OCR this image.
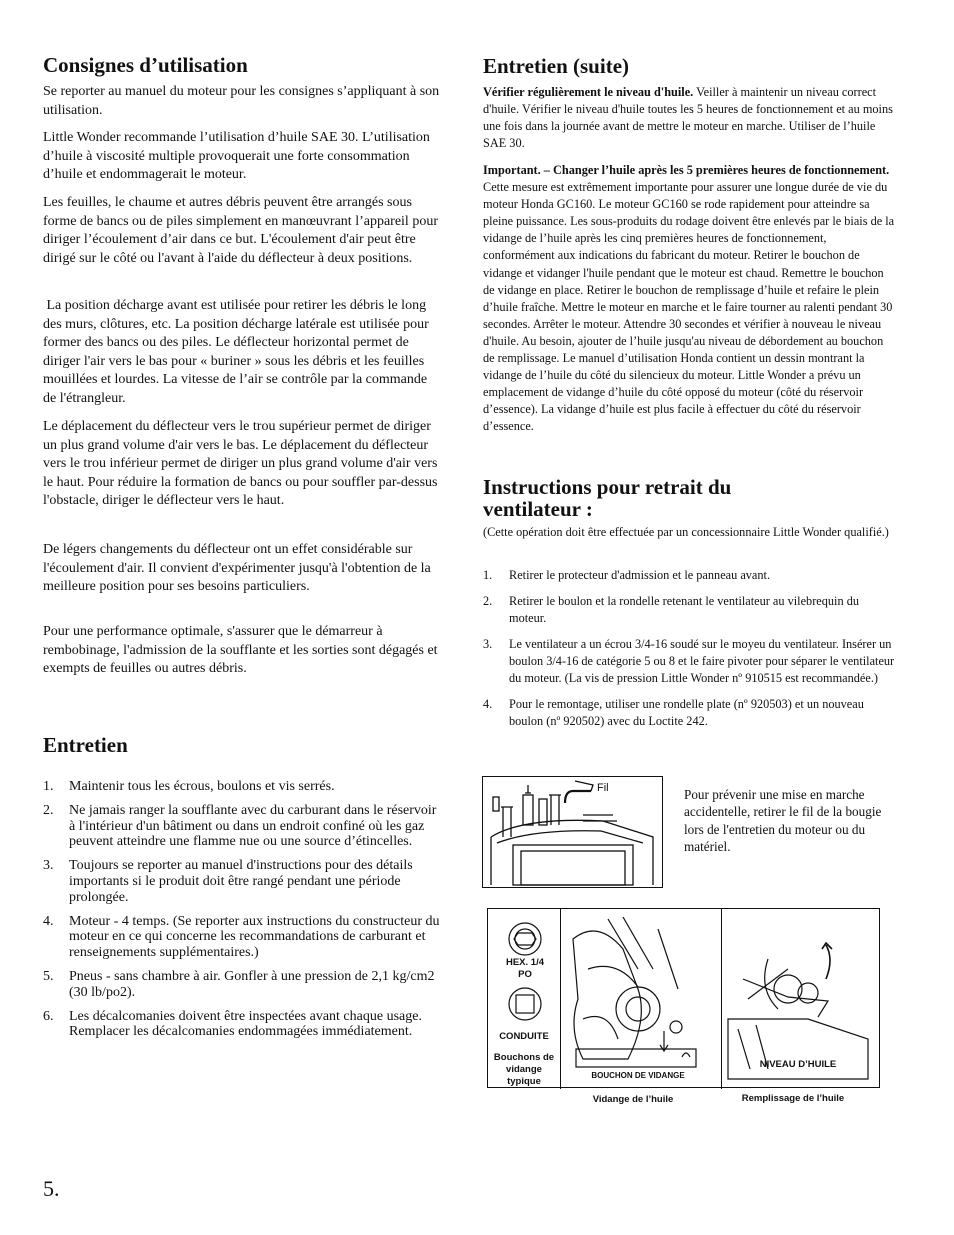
Consignes d’utilisation

Se reporter au manuel du moteur pour les consignes s’appliquant à son utilisation.

Little Wonder recommande l’utilisation d’huile SAE 30. L’utilisation d’huile à viscosité multiple provoquerait une forte consommation d’huile et endommagerait le moteur.

Les feuilles, le chaume et autres débris peuvent être arrangés sous forme de bancs ou de piles simplement en manœuvrant l’appareil pour diriger l’écoulement d’air dans ce but. L'écoulement d'air peut être dirigé sur le côté ou l'avant à l'aide du déflecteur à deux positions.

La position décharge avant est utilisée pour retirer les débris le long des murs, clôtures, etc. La position décharge latérale est utilisée pour former des bancs ou des piles. Le déflecteur horizontal permet de diriger l'air vers le bas pour « buriner » sous les débris et les feuilles mouillées et lourdes. La vitesse de l’air se contrôle par la commande de l'étrangleur.

Le déplacement du déflecteur vers le trou supérieur permet de diriger un plus grand volume d'air vers le bas. Le déplacement du déflecteur vers le trou inférieur permet de diriger un plus grand volume d'air vers le haut. Pour réduire la formation de bancs ou pour souffler par-dessus l'obstacle, diriger le déflecteur vers le haut.

De légers changements du déflecteur ont un effet considérable sur l'écoulement d'air. Il convient d'expérimenter jusqu'à l'obtention de la meilleure position pour ses besoins particuliers.

Pour une performance optimale, s'assurer que le démarreur à rembobinage, l'admission de la soufflante et les sorties sont dégagés et exempts de feuilles ou autres débris.

Entretien
1. Maintenir tous les écrous, boulons et vis serrés.
2. Ne jamais ranger la soufflante avec du carburant dans le réservoir à l'intérieur d'un bâtiment ou dans un endroit confiné où les gaz peuvent atteindre une flamme nue ou une source d’étincelles.
3. Toujours se reporter au manuel d'instructions pour des détails importants si le produit doit être rangé pendant une période prolongée.
4. Moteur - 4 temps. (Se reporter aux instructions du constructeur du moteur en ce qui concerne les recommandations de carburant et renseignements supplémentaires.)
5. Pneus - sans chambre à air. Gonfler à une pression de 2,1 kg/cm2 (30 lb/po2).
6. Les décalcomanies doivent être inspectées avant chaque usage. Remplacer les décalcomanies endommagées immédiatement.
5.
Entretien (suite)

Vérifier régulièrement le niveau d'huile. Veiller à maintenir un niveau correct d'huile. Vérifier le niveau d'huile toutes les 5 heures de fonctionnement et au moins une fois dans la journée avant de mettre le moteur en marche. Utiliser de l’huile SAE 30.

Important. – Changer l’huile après les 5 premières heures de fonctionnement. Cette mesure est extrêmement importante pour assurer une longue durée de vie du moteur Honda GC160. Le moteur GC160 se rode rapidement pour atteindre sa pleine puissance. Les sous-produits du rodage doivent être enlevés par le biais de la vidange de l’huile après les cinq premières heures de fonctionnement, conformément aux indications du fabricant du moteur. Retirer le bouchon de vidange et vidanger l'huile pendant que le moteur est chaud. Remettre le bouchon de vidange en place. Retirer le bouchon de remplissage d’huile et refaire le plein d’huile fraîche. Mettre le moteur en marche et le faire tourner au ralenti pendant 30 secondes. Arrêter le moteur. Attendre 30 secondes et vérifier à nouveau le niveau d'huile. Au besoin, ajouter de l’huile jusqu'au niveau de débordement au bouchon de remplissage. Le manuel d’utilisation Honda contient un dessin montrant la vidange de l’huile du côté du silencieux du moteur. Little Wonder a prévu un emplacement de vidange d’huile du côté opposé du moteur (côté du réservoir d’essence). La vidange d’huile est plus facile à effectuer du côté du réservoir d’essence.

Instructions pour retrait du ventilateur :

(Cette opération doit être effectuée par un concessionnaire Little Wonder qualifié.)

1. Retirer le protecteur d'admission et le panneau avant.
2. Retirer le boulon et la rondelle retenant le ventilateur au vilebrequin du moteur.
3. Le ventilateur a un écrou 3/4-16 soudé sur le moyeu du ventilateur. Insérer un boulon 3/4-16 de catégorie 5 ou 8 et le faire pivoter pour séparer le ventilateur du moteur. (La vis de pression Little Wonder nº 910515 est recommandée.)
4. Pour le remontage, utiliser une rondelle plate (nº 920503) et un nouveau boulon (nº 920502) avec du Loctite 242.
Fil	Pour prévenir une mise en marche accidentelle, retirer le fil de la bougie lors de l'entretien du moteur ou du matériel.
HEX. 1/4 PO
CONDUITE
Bouchons de vidange typique
BOUCHON DE VIDANGE
NIVEAU D’HUILE
Vidange de l’huile	Remplissage de l’huile
